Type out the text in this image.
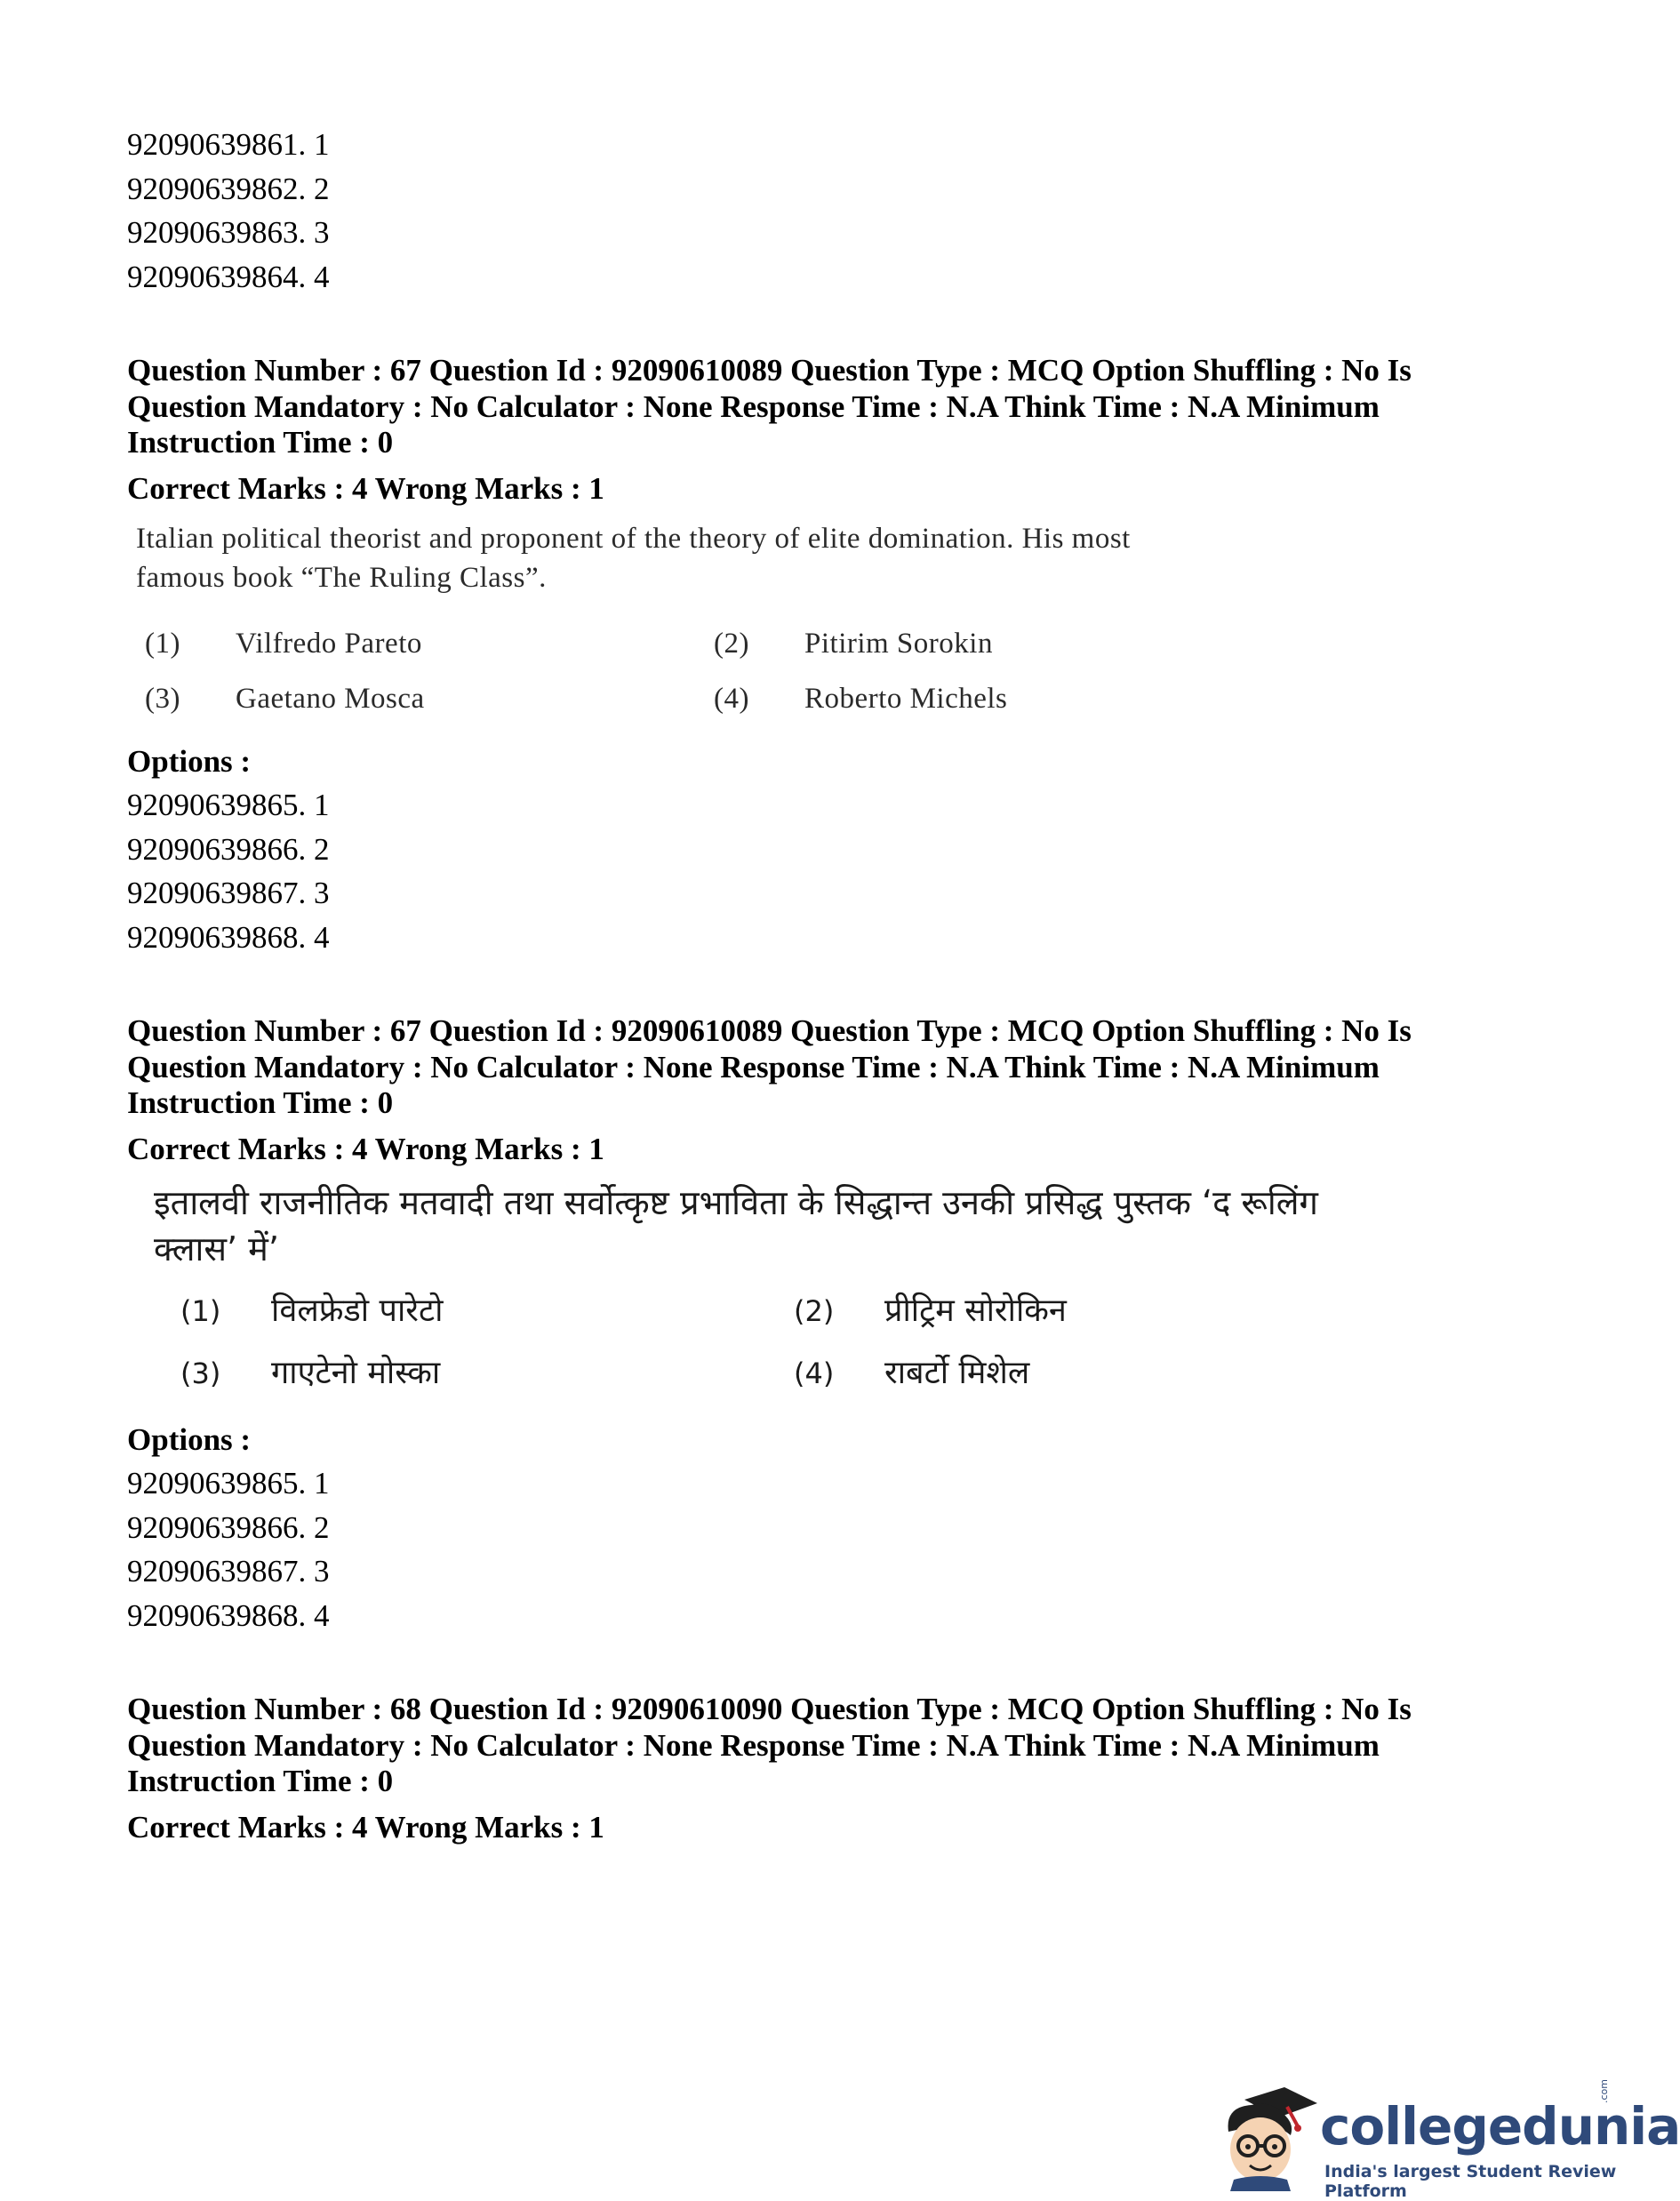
92090639861. 1
92090639862. 2
92090639863. 3
92090639864. 4
Question Number : 67 Question Id : 92090610089 Question Type : MCQ Option Shuffling : No Is
Question Mandatory : No Calculator : None Response Time : N.A Think Time : N.A Minimum
Instruction Time : 0
Correct Marks : 4 Wrong Marks : 1
Italian political theorist and proponent of the theory of elite domination. His most
famous book “The Ruling Class”.
(1)	Vilfredo Pareto	(2)	Pitirim Sorokin
(3)	Gaetano Mosca	(4)	Roberto Michels
Options :
92090639865. 1
92090639866. 2
92090639867. 3
92090639868. 4
Question Number : 67 Question Id : 92090610089 Question Type : MCQ Option Shuffling : No Is
Question Mandatory : No Calculator : None Response Time : N.A Think Time : N.A Minimum
Instruction Time : 0
Correct Marks : 4 Wrong Marks : 1
इतालवी राजनीतिक मतवादी तथा सर्वोत्कृष्ट प्रभाविता के सिद्धान्त उनकी प्रसिद्ध पुस्तक ‘द रूलिंग
क्लास’ में’
(1)	विलफ्रेडो पारेटो	(2)	प्रीट्रिम सोरोकिन
(3)	गाएटेनो मोस्का	(4)	राबर्टो मिशेल
Options :
92090639865. 1
92090639866. 2
92090639867. 3
92090639868. 4
Question Number : 68 Question Id : 92090610090 Question Type : MCQ Option Shuffling : No Is
Question Mandatory : No Calculator : None Response Time : N.A Think Time : N.A Minimum
Instruction Time : 0
Correct Marks : 4 Wrong Marks : 1
collegedunia
.com
India's largest Student Review Platform
